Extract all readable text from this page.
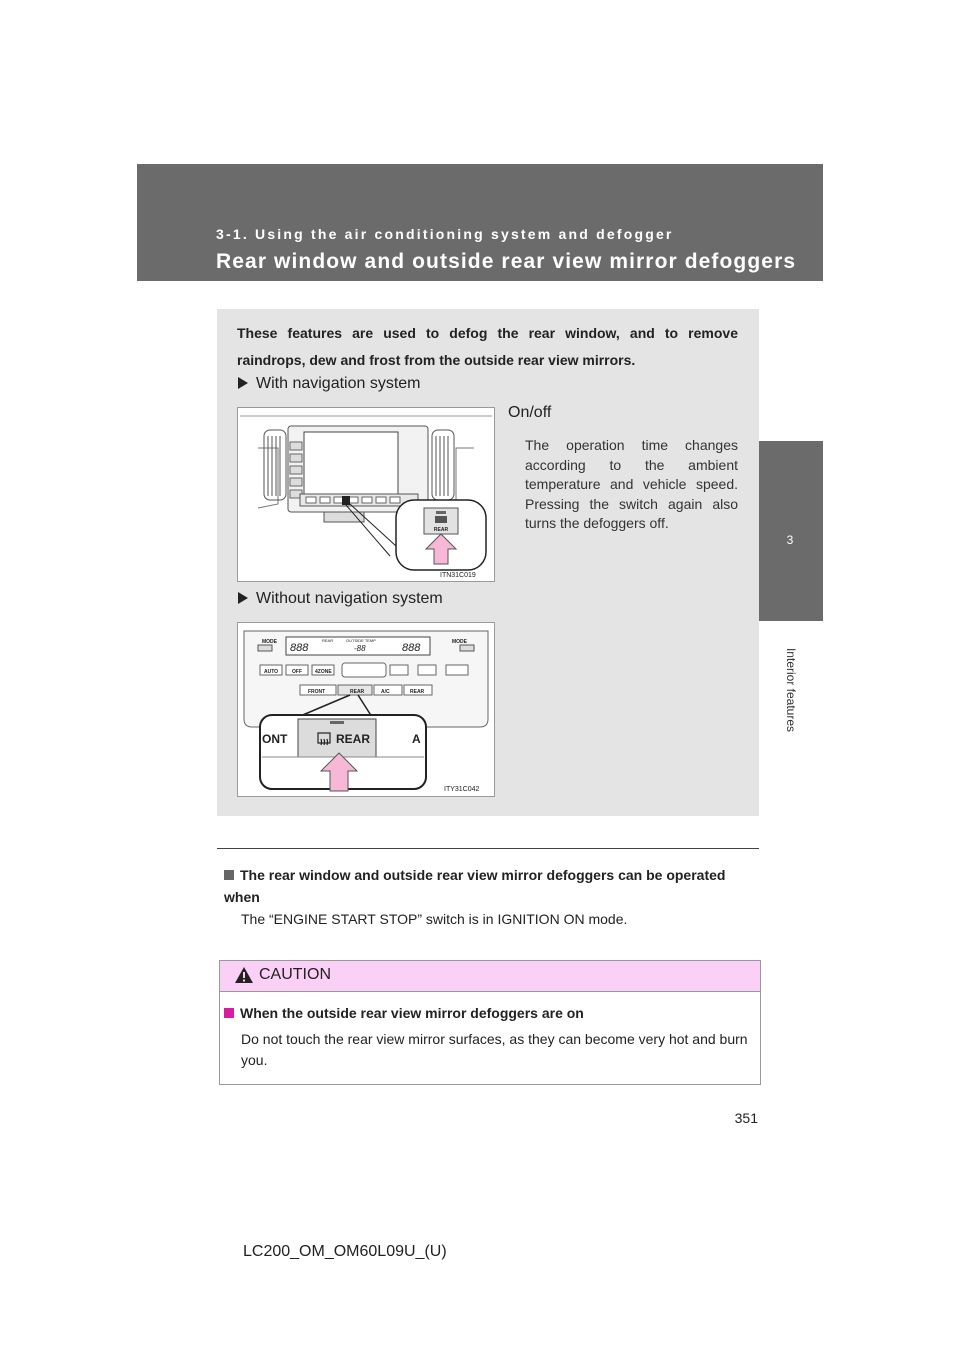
3-1. Using the air conditioning system and defogger
Rear window and outside rear view mirror defoggers
3
Interior features
These features are used to defog the rear window, and to remove raindrops, dew and frost from the outside rear view mirrors.
With navigation system
REAR
ITN31C019
On/off
The operation time changes according to the ambient temperature and vehicle speed. Pressing the switch again also turns the defoggers off.
Without navigation system
MODE	MODE
888
REAR	OUTSIDE TEMP
-88	888
AUTO	OFF	4ZONE
FRONT	REAR	A/C	REAR
ONT	REAR	A
ITY31C042
The rear window and outside rear view mirror defoggers can be operated when
The “ENGINE START STOP” switch is in IGNITION ON mode.
CAUTION
When the outside rear view mirror defoggers are on
Do not touch the rear view mirror surfaces, as they can become very hot and burn you.
351
LC200_OM_OM60L09U_(U)
